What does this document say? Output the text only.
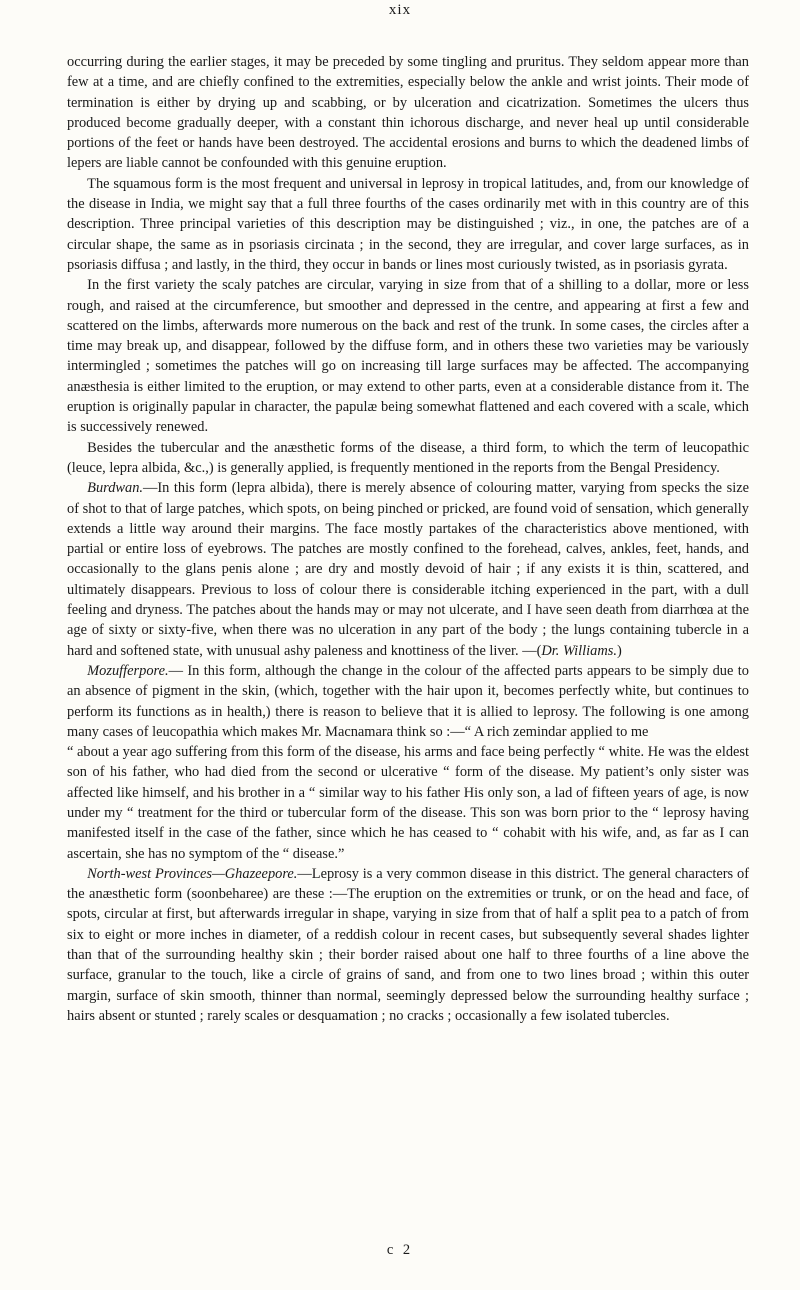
xix

occurring during the earlier stages, it may be preceded by some tingling and pruritus. They seldom appear more than few at a time, and are chiefly confined to the extremities, especially below the ankle and wrist joints. Their mode of termination is either by drying up and scabbing, or by ulceration and cicatrization. Sometimes the ulcers thus produced become gradually deeper, with a constant thin ichorous discharge, and never heal up until considerable portions of the feet or hands have been destroyed. The accidental erosions and burns to which the deadened limbs of lepers are liable cannot be confounded with this genuine eruption.

The squamous form is the most frequent and universal in leprosy in tropical latitudes, and, from our knowledge of the disease in India, we might say that a full three fourths of the cases ordinarily met with in this country are of this description. Three principal varieties of this description may be distinguished ; viz., in one, the patches are of a circular shape, the same as in psoriasis circinata ; in the second, they are irregular, and cover large surfaces, as in psoriasis diffusa ; and lastly, in the third, they occur in bands or lines most curiously twisted, as in psoriasis gyrata.

In the first variety the scaly patches are circular, varying in size from that of a shilling to a dollar, more or less rough, and raised at the circumference, but smoother and depressed in the centre, and appearing at first a few and scattered on the limbs, afterwards more numerous on the back and rest of the trunk. In some cases, the circles after a time may break up, and disappear, followed by the diffuse form, and in others these two varieties may be variously intermingled ; sometimes the patches will go on increasing till large surfaces may be affected. The accompanying anæsthesia is either limited to the eruption, or may extend to other parts, even at a considerable distance from it. The eruption is originally papular in character, the papulæ being somewhat flattened and each covered with a scale, which is successively renewed.

Besides the tubercular and the anæsthetic forms of the disease, a third form, to which the term of leucopathic (leuce, lepra albida, &c.,) is generally applied, is frequently mentioned in the reports from the Bengal Presidency.

Burdwan.—In this form (lepra albida), there is merely absence of colouring matter, varying from specks the size of shot to that of large patches, which spots, on being pinched or pricked, are found void of sensation, which generally extends a little way around their margins. The face mostly partakes of the characteristics above mentioned, with partial or entire loss of eyebrows. The patches are mostly confined to the forehead, calves, ankles, feet, hands, and occasionally to the glans penis alone ; are dry and mostly devoid of hair ; if any exists it is thin, scattered, and ultimately disappears. Previous to loss of colour there is considerable itching experienced in the part, with a dull feeling and dryness. The patches about the hands may or may not ulcerate, and I have seen death from diarrhœa at the age of sixty or sixty-five, when there was no ulceration in any part of the body ; the lungs containing tubercle in a hard and softened state, with unusual ashy paleness and knottiness of the liver. —(Dr. Williams.)

Mozufferpore.— In this form, although the change in the colour of the affected parts appears to be simply due to an absence of pigment in the skin, (which, together with the hair upon it, becomes perfectly white, but continues to perform its functions as in health,) there is reason to believe that it is allied to leprosy. The following is one among many cases of leucopathia which makes Mr. Macnamara think so :—“ A rich zemindar applied to me

“ about a year ago suffering from this form of the disease, his arms and face being perfectly “ white. He was the eldest son of his father, who had died from the second or ulcerative “ form of the disease. My patient’s only sister was affected like himself, and his brother in a “ similar way to his father His only son, a lad of fifteen years of age, is now under my “ treatment for the third or tubercular form of the disease. This son was born prior to the “ leprosy having manifested itself in the case of the father, since which he has ceased to “ cohabit with his wife, and, as far as I can ascertain, she has no symptom of the “ disease.”

North-west Provinces—Ghazeepore.—Leprosy is a very common disease in this district. The general characters of the anæsthetic form (soonbeharee) are these :—The eruption on the extremities or trunk, or on the head and face, of spots, circular at first, but afterwards irregular in shape, varying in size from that of half a split pea to a patch of from six to eight or more inches in diameter, of a reddish colour in recent cases, but subsequently several shades lighter than that of the surrounding healthy skin ; their border raised about one half to three fourths of a line above the surface, granular to the touch, like a circle of grains of sand, and from one to two lines broad ; within this outer margin, surface of skin smooth, thinner than normal, seemingly depressed below the surrounding healthy surface ; hairs absent or stunted ; rarely scales or desquamation ; no cracks ; occasionally a few isolated tubercles.

c 2
